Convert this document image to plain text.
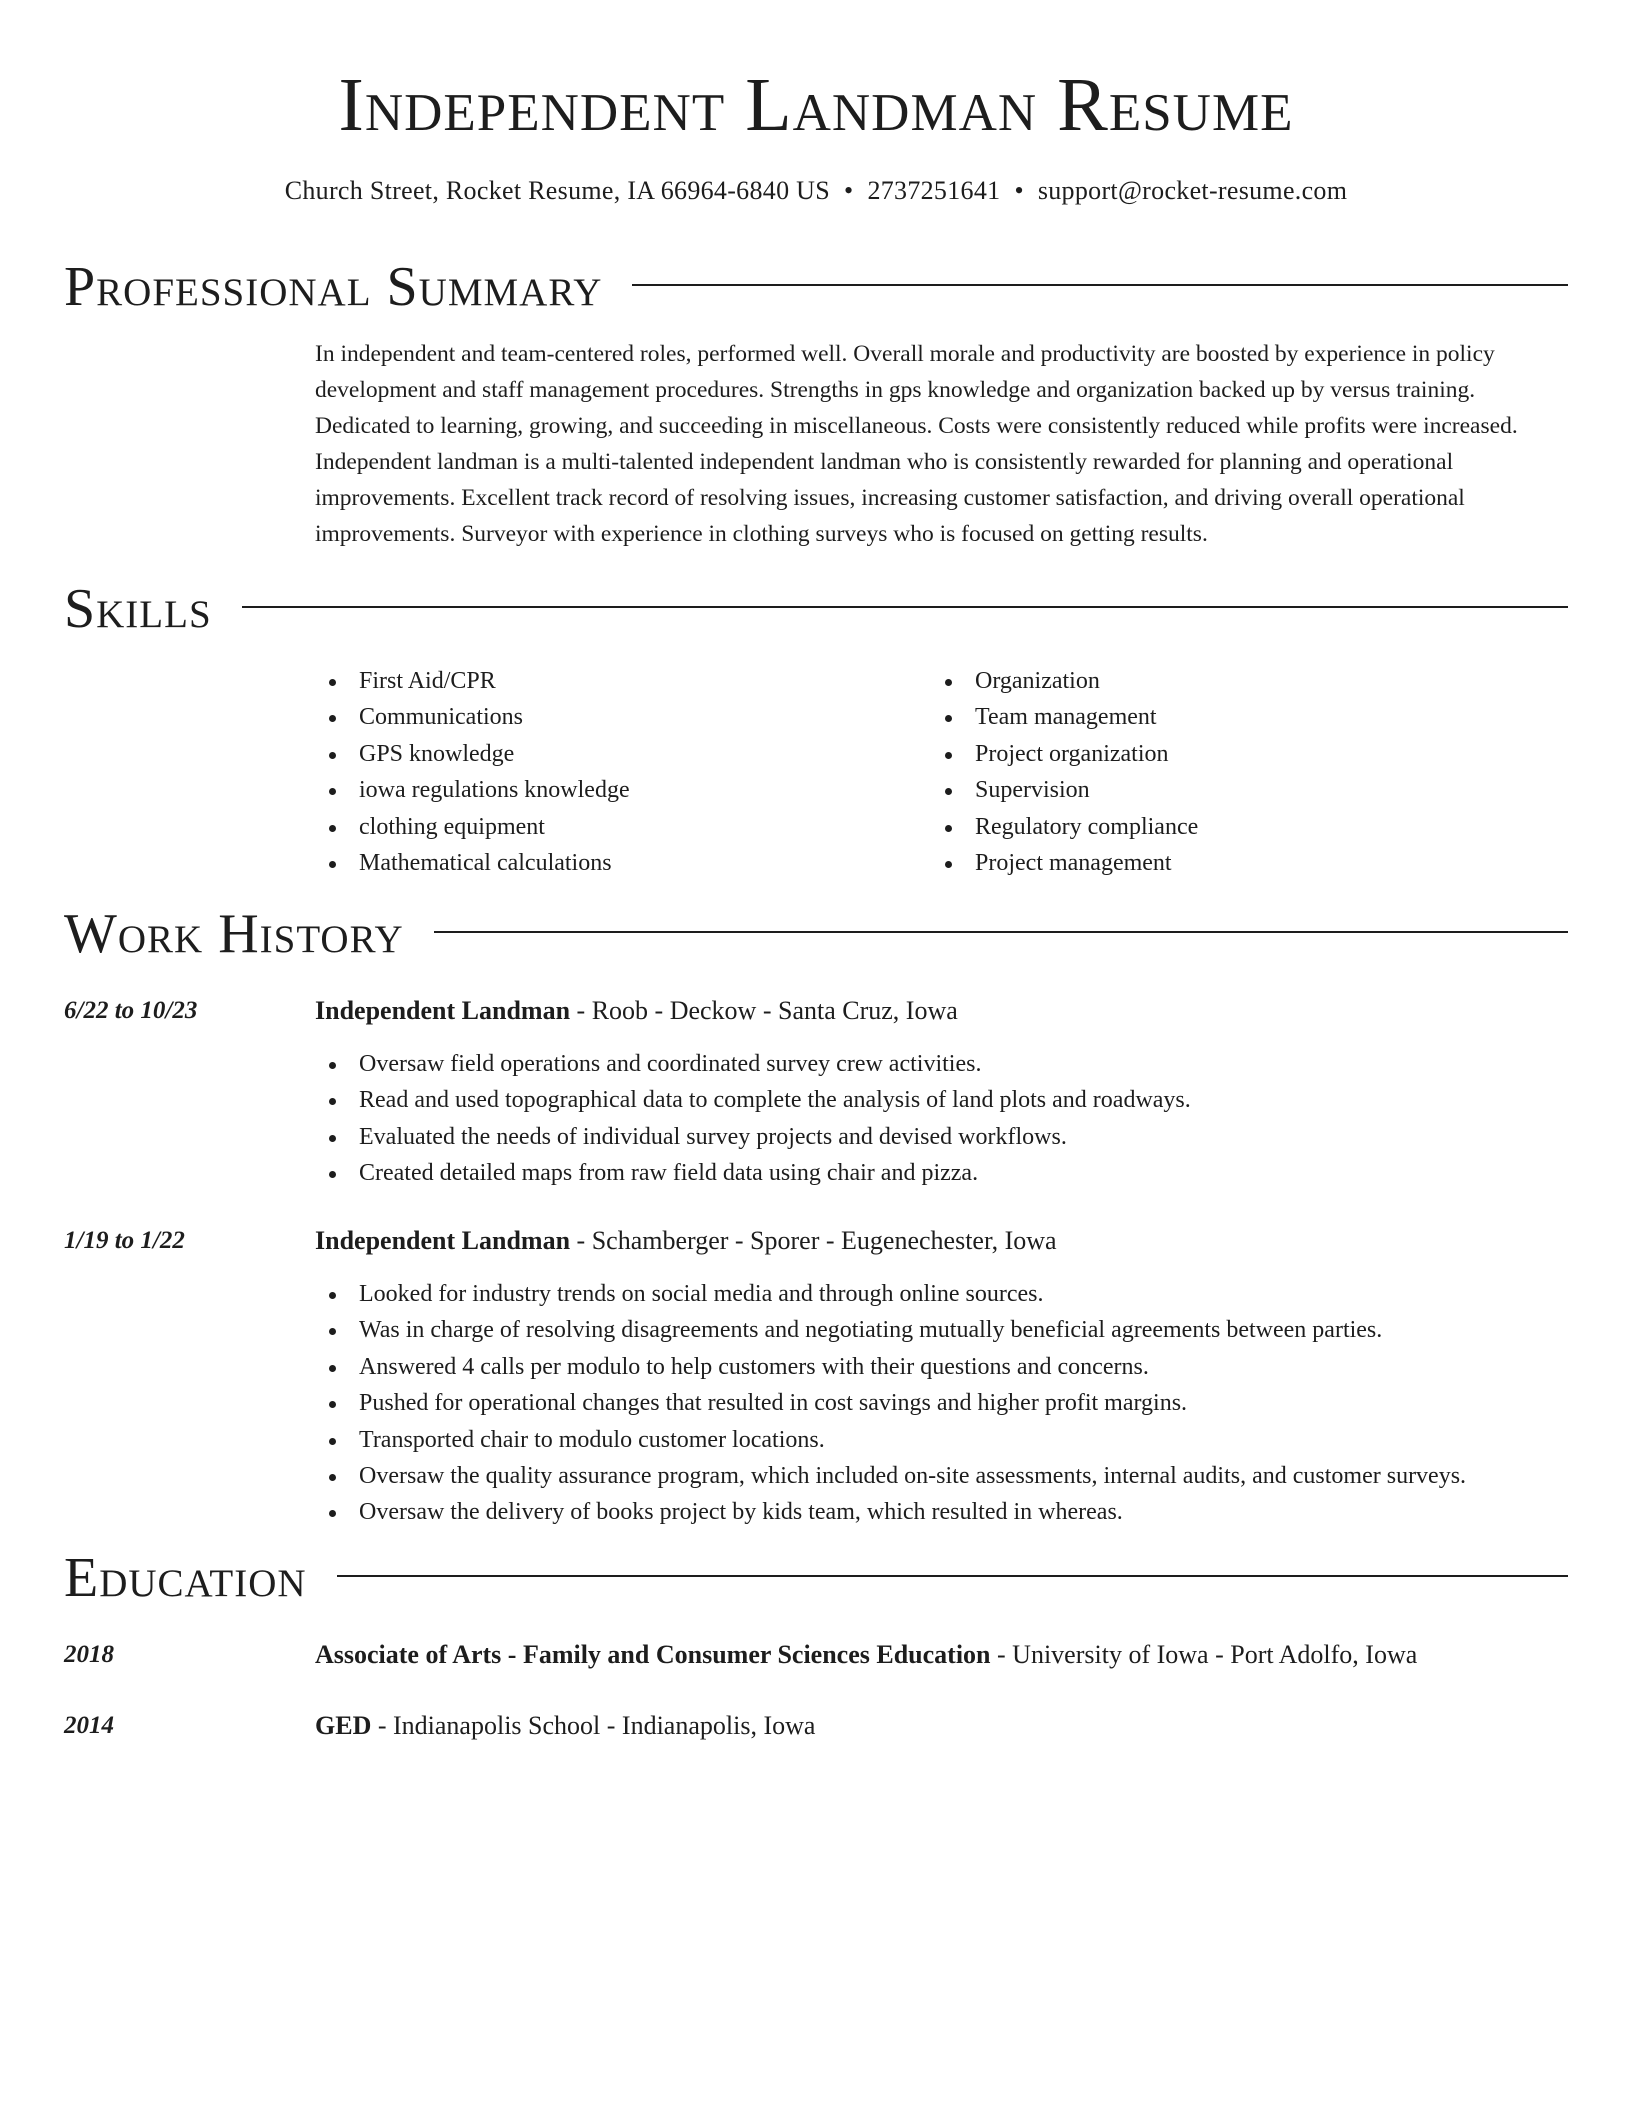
Independent Landman Resume
Church Street, Rocket Resume, IA 66964-6840 US • 2737251641 • support@rocket-resume.com
Professional Summary

In independent and team-centered roles, performed well. Overall morale and productivity are boosted by experience in policy development and staff management procedures. Strengths in gps knowledge and organization backed up by versus training. Dedicated to learning, growing, and succeeding in miscellaneous. Costs were consistently reduced while profits were increased. Independent landman is a multi-talented independent landman who is consistently rewarded for planning and operational improvements. Excellent track record of resolving issues, increasing customer satisfaction, and driving overall operational improvements. Surveyor with experience in clothing surveys who is focused on getting results.

Skills
First Aid/CPR
Communications
GPS knowledge
iowa regulations knowledge
clothing equipment
Mathematical calculations
Organization
Team management
Project organization
Supervision
Regulatory compliance
Project management
Work History
6/22 to 10/23	Independent Landman - Roob - Deckow - Santa Cruz, Iowa
Oversaw field operations and coordinated survey crew activities.
Read and used topographical data to complete the analysis of land plots and roadways.
Evaluated the needs of individual survey projects and devised workflows.
Created detailed maps from raw field data using chair and pizza.
1/19 to 1/22	Independent Landman - Schamberger - Sporer - Eugenechester, Iowa
Looked for industry trends on social media and through online sources.
Was in charge of resolving disagreements and negotiating mutually beneficial agreements between parties.
Answered 4 calls per modulo to help customers with their questions and concerns.
Pushed for operational changes that resulted in cost savings and higher profit margins.
Transported chair to modulo customer locations.
Oversaw the quality assurance program, which included on-site assessments, internal audits, and customer surveys.
Oversaw the delivery of books project by kids team, which resulted in whereas.
Education
2018	Associate of Arts - Family and Consumer Sciences Education - University of Iowa - Port Adolfo, Iowa
2014	GED - Indianapolis School - Indianapolis, Iowa
